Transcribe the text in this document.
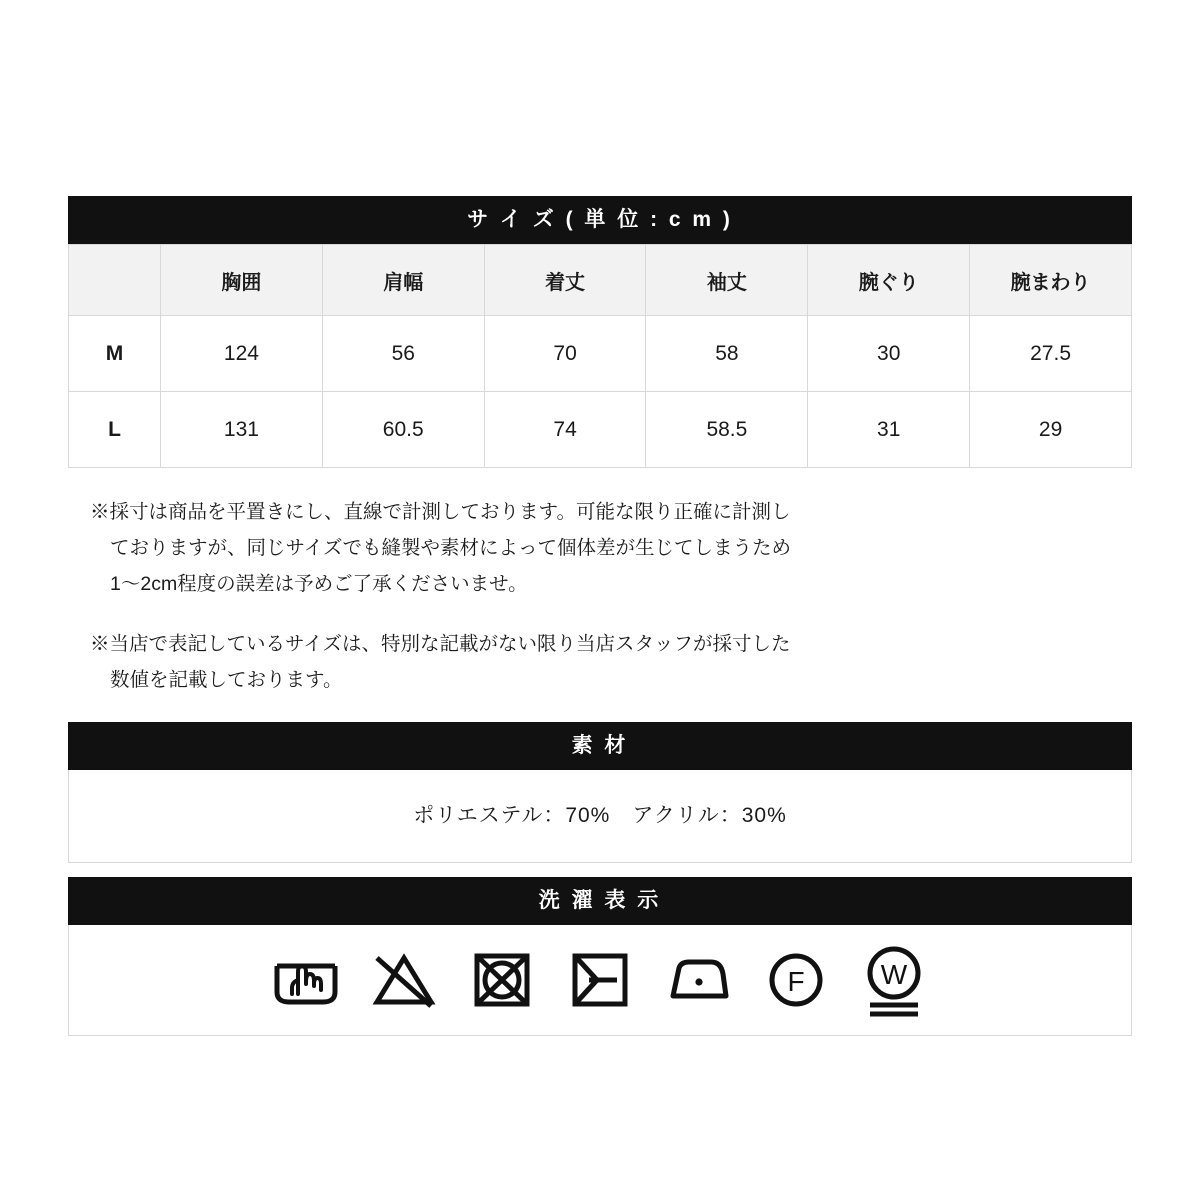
サ イ ズ ( 単 位 : c m )
	胸囲	肩幅	着丈	袖丈	腕ぐり	腕まわり
M	124	56	70	58	30	27.5
L	131	60.5	74	58.5	31	29

※採寸は商品を平置きにし、直線で計測しております。可能な限り正確に計測し

ておりますが、同じサイズでも縫製や素材によって個体差が生じてしまうため

1〜2cm程度の誤差は予めご了承くださいませ。

※当店で表記しているサイズは、特別な記載がない限り当店スタッフが採寸した

数値を記載しております。

素 材
ポリエステル：70%　アクリル：30%
洗 濯 表 示
F	W
